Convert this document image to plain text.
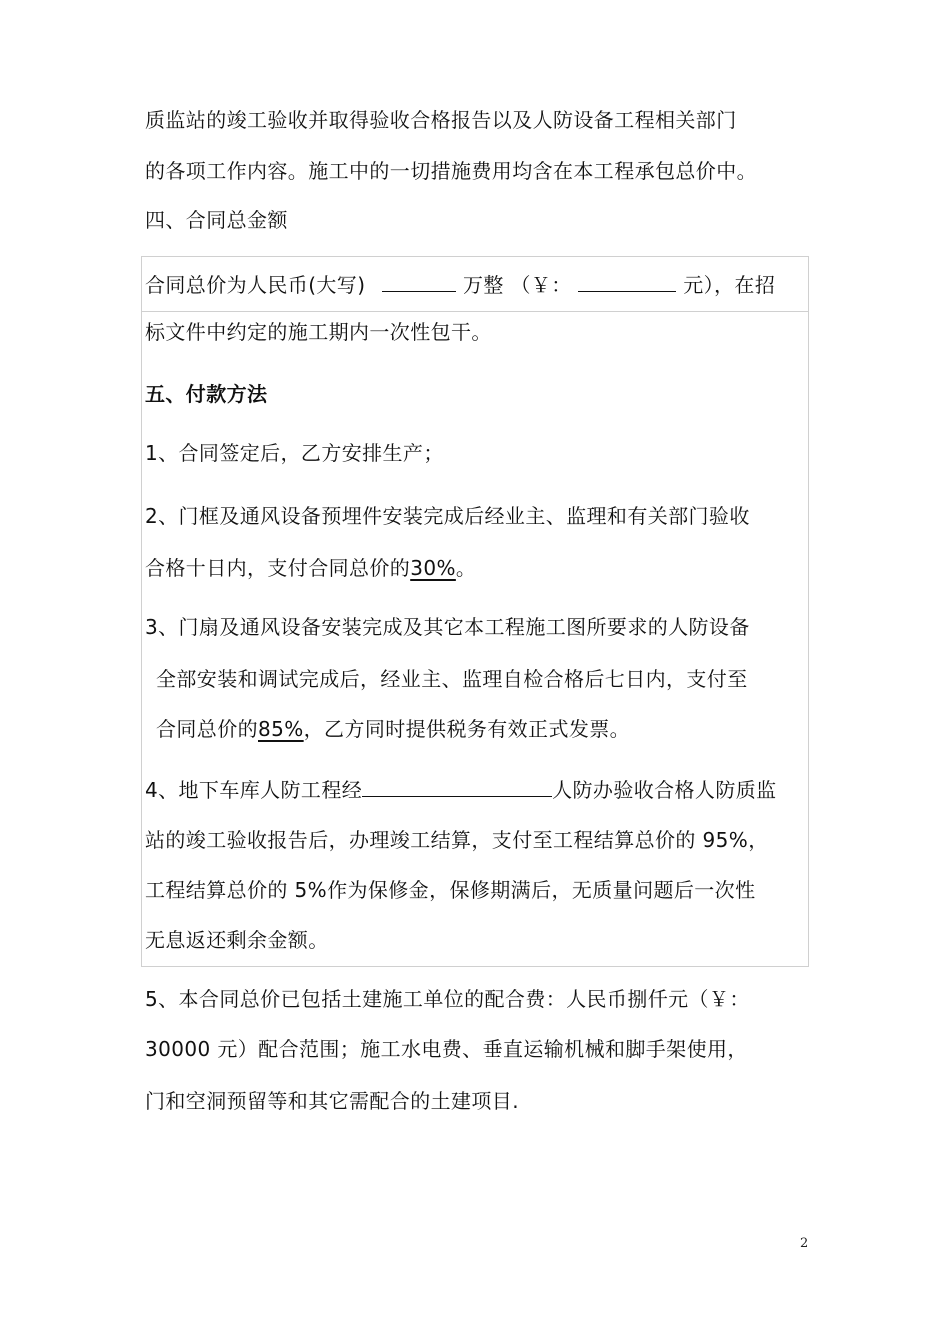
质监站的竣工验收并取得验收合格报告以及人防设备工程相关部门
的各项工作内容。施工中的一切措施费用均含在本工程承包总价中。
四、合同总金额
合同总价为人民币(大写)	万整 （￥：	元），在招
标文件中约定的施工期内一次性包干。
五、付款方法
1、合同签定后，乙方安排生产；
2、门框及通风设备预埋件安装完成后经业主、监理和有关部门验收
合格十日内，支付合同总价的30%。
3、门扇及通风设备安装完成及其它本工程施工图所要求的人防设备
全部安装和调试完成后，经业主、监理自检合格后七日内，支付至
合同总价的85%，乙方同时提供税务有效正式发票。
4、地下车库人防工程经	人防办验收合格人防质监
站的竣工验收报告后，办理竣工结算，支付至工程结算总价的 95%，
工程结算总价的 5%作为保修金，保修期满后，无质量问题后一次性
无息返还剩余金额。
5、本合同总价已包括土建施工单位的配合费：人民币捌仟元（￥：
30000 元）配合范围；施工水电费、垂直运输机械和脚手架使用，
门和空洞预留等和其它需配合的土建项目.
2
